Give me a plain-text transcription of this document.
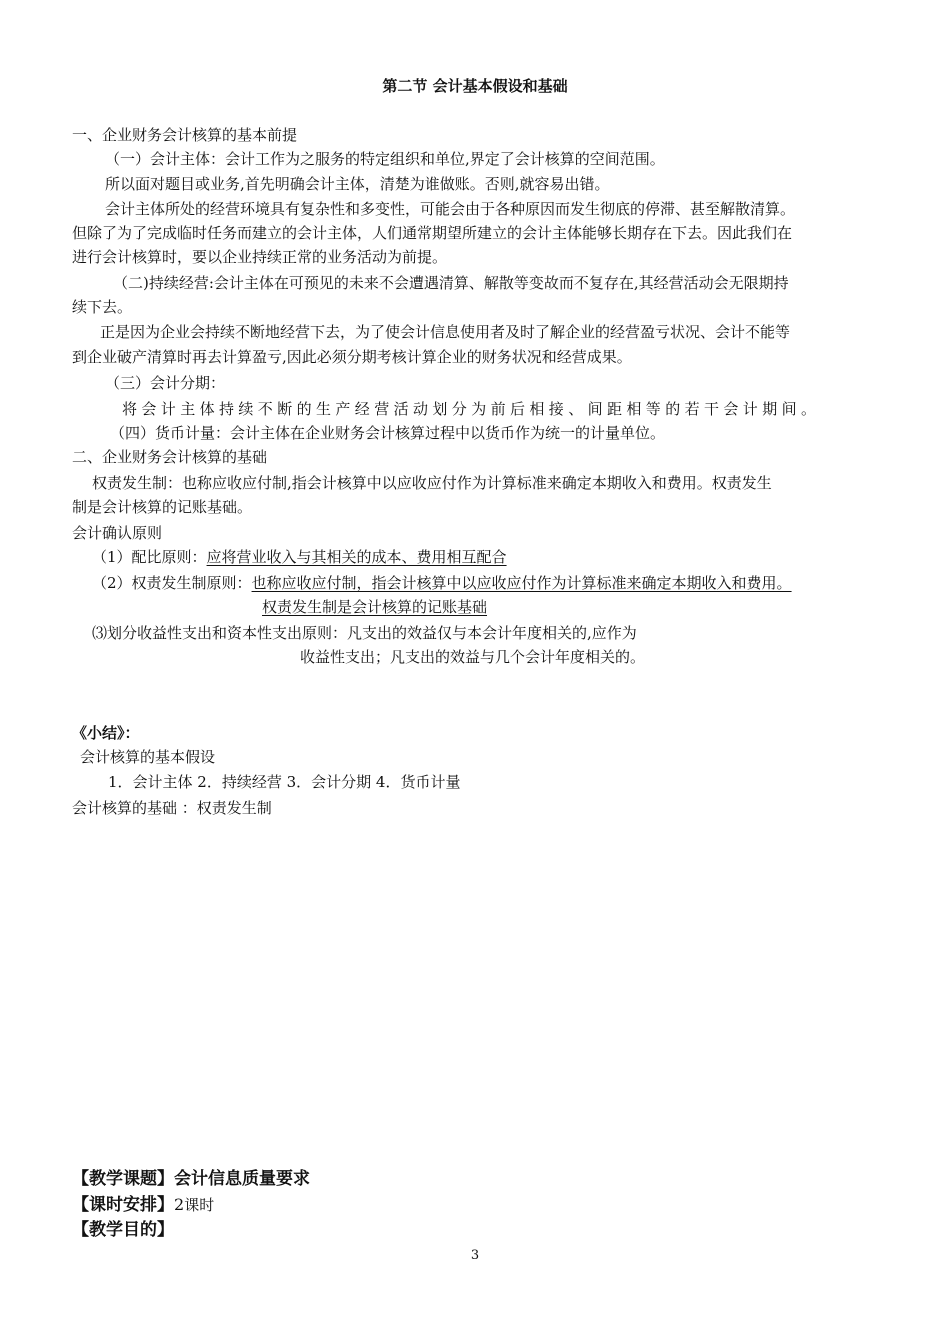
第二节 会计基本假设和基础
一、企业财务会计核算的基本前提
（一）会计主体：会计工作为之服务的特定组织和单位,界定了会计核算的空间范围。
所以面对题目或业务,首先明确会计主体，清楚为谁做账。否则,就容易出错。
会计主体所处的经营环境具有复杂性和多变性，可能会由于各种原因而发生彻底的停滞、甚至解散清算。
但除了为了完成临时任务而建立的会计主体，人们通常期望所建立的会计主体能够长期存在下去。因此我们在
进行会计核算时，要以企业持续正常的业务活动为前提。
（二)持续经营:会计主体在可预见的未来不会遭遇清算、解散等变故而不复存在,其经营活动会无限期持
续下去。
正是因为企业会持续不断地经营下去，为了使会计信息使用者及时了解企业的经营盈亏状况、会计不能等
到企业破产清算时再去计算盈亏,因此必须分期考核计算企业的财务状况和经营成果。
（三）会计分期：
将会计主体持续不断的生产经营活动划分为前后相接、间距相等的若干会计期间。
（四）货币计量：会计主体在企业财务会计核算过程中以货币作为统一的计量单位。
二、企业财务会计核算的基础
权责发生制：也称应收应付制,指会计核算中以应收应付作为计算标准来确定本期收入和费用。权责发生
制是会计核算的记账基础。
会计确认原则
（1）配比原则：应将营业收入与其相关的成本、费用相互配合
（2）权责发生制原则：也称应收应付制，指会计核算中以应收应付作为计算标准来确定本期收入和费用。
权责发生制是会计核算的记账基础
⑶划分收益性支出和资本性支出原则：凡支出的效益仅与本会计年度相关的,应作为
收益性支出；凡支出的效益与几个会计年度相关的。
《小结》：
会计核算的基本假设
1．会计主体 2．持续经营 3．会计分期 4．货币计量
会计核算的基础 ：权责发生制
【教学课题】会计信息质量要求
【课时安排】2课时
【教学目的】
3
